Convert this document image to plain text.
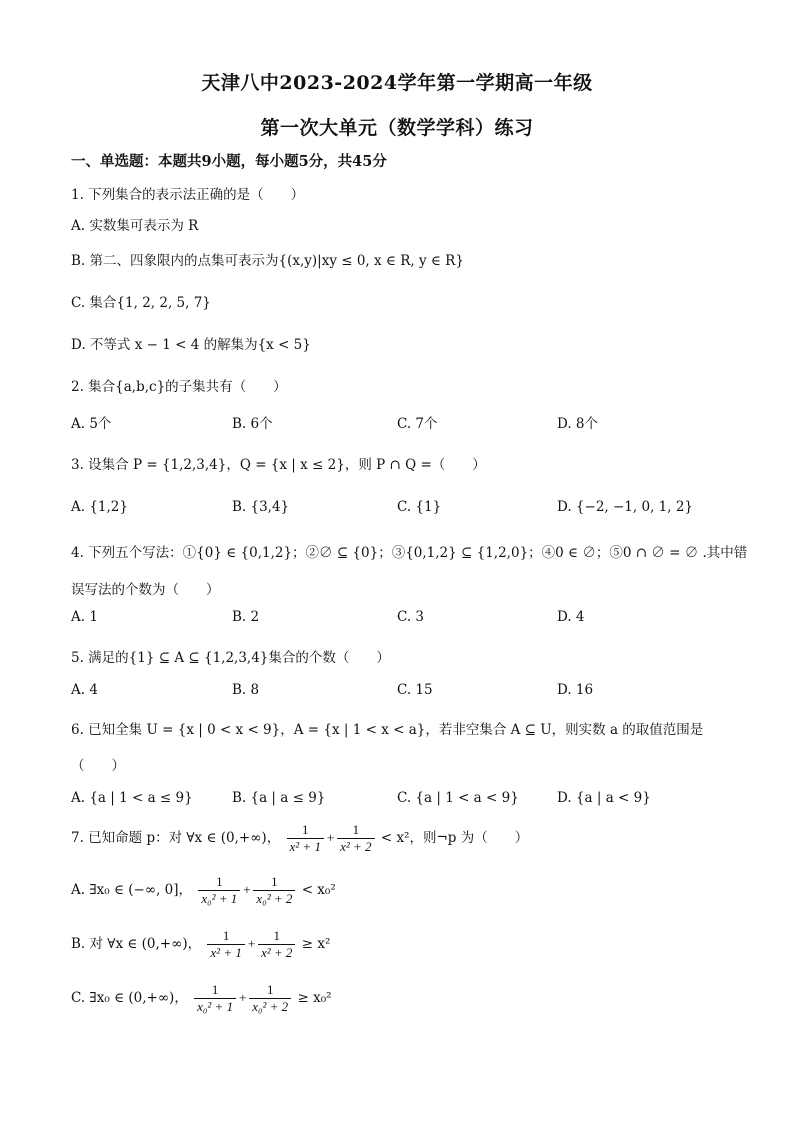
天津八中2023-2024学年第一学期高一年级
第一次大单元（数学学科）练习
一、单选题：本题共9小题，每小题5分，共45分
1. 下列集合的表示法正确的是（　　）
A. 实数集可表示为 R
B. 第二、四象限内的点集可表示为{(x,y)|xy ≤ 0, x ∈ R, y ∈ R}
C. 集合{1, 2, 2, 5, 7}
D. 不等式 x − 1 < 4 的解集为{x < 5}
2. 集合{a,b,c}的子集共有（　　）
A. 5个	B. 6个	C. 7个	D. 8个
3. 设集合 P = {1,2,3,4}，Q = {x | x ≤ 2}，则 P ∩ Q =（　　）
A. {1,2}	B. {3,4}	C. {1}	D. {−2, −1, 0, 1, 2}
4. 下列五个写法：①{0} ∈ {0,1,2}；②∅ ⊆ {0}；③{0,1,2} ⊆ {1,2,0}；④0 ∈ ∅；⑤0 ∩ ∅ = ∅ .其中错
误写法的个数为（　　）
A. 1	B. 2	C. 3	D. 4
5. 满足的{1} ⊆ A ⊆ {1,2,3,4}集合的个数（　　）
A. 4	B. 8	C. 15	D. 16
6. 已知全集 U = {x | 0 < x < 9}，A = {x | 1 < x < a}，若非空集合 A ⊆ U，则实数 a 的取值范围是
（　　）
A. {a | 1 < a ≤ 9}	B. {a | a ≤ 9}	C. {a | 1 < a < 9}	D. {a | a < 9}
7. 已知命题 p：对 ∀x ∈ (0,+∞)， $\frac{1}{\text{x² + 1}} + \frac{1}{\text{x² + 2}} < x^2$，则¬p 为（　　）
A. ∃x₀ ∈ (−∞, 0]， $\frac{1}{\text{x₀² + 1}} + \frac{1}{\text{x₀² + 2}} < x_0^2$
B. 对 ∀x ∈ (0,+∞)， $\frac{1}{\text{x² + 1}} + \frac{1}{\text{x² + 2}} \ge x^2$
C. ∃x₀ ∈ (0,+∞)， $\frac{1}{\text{x₀² + 1}} + \frac{1}{\text{x₀² + 2}} \ge x_0^2$
